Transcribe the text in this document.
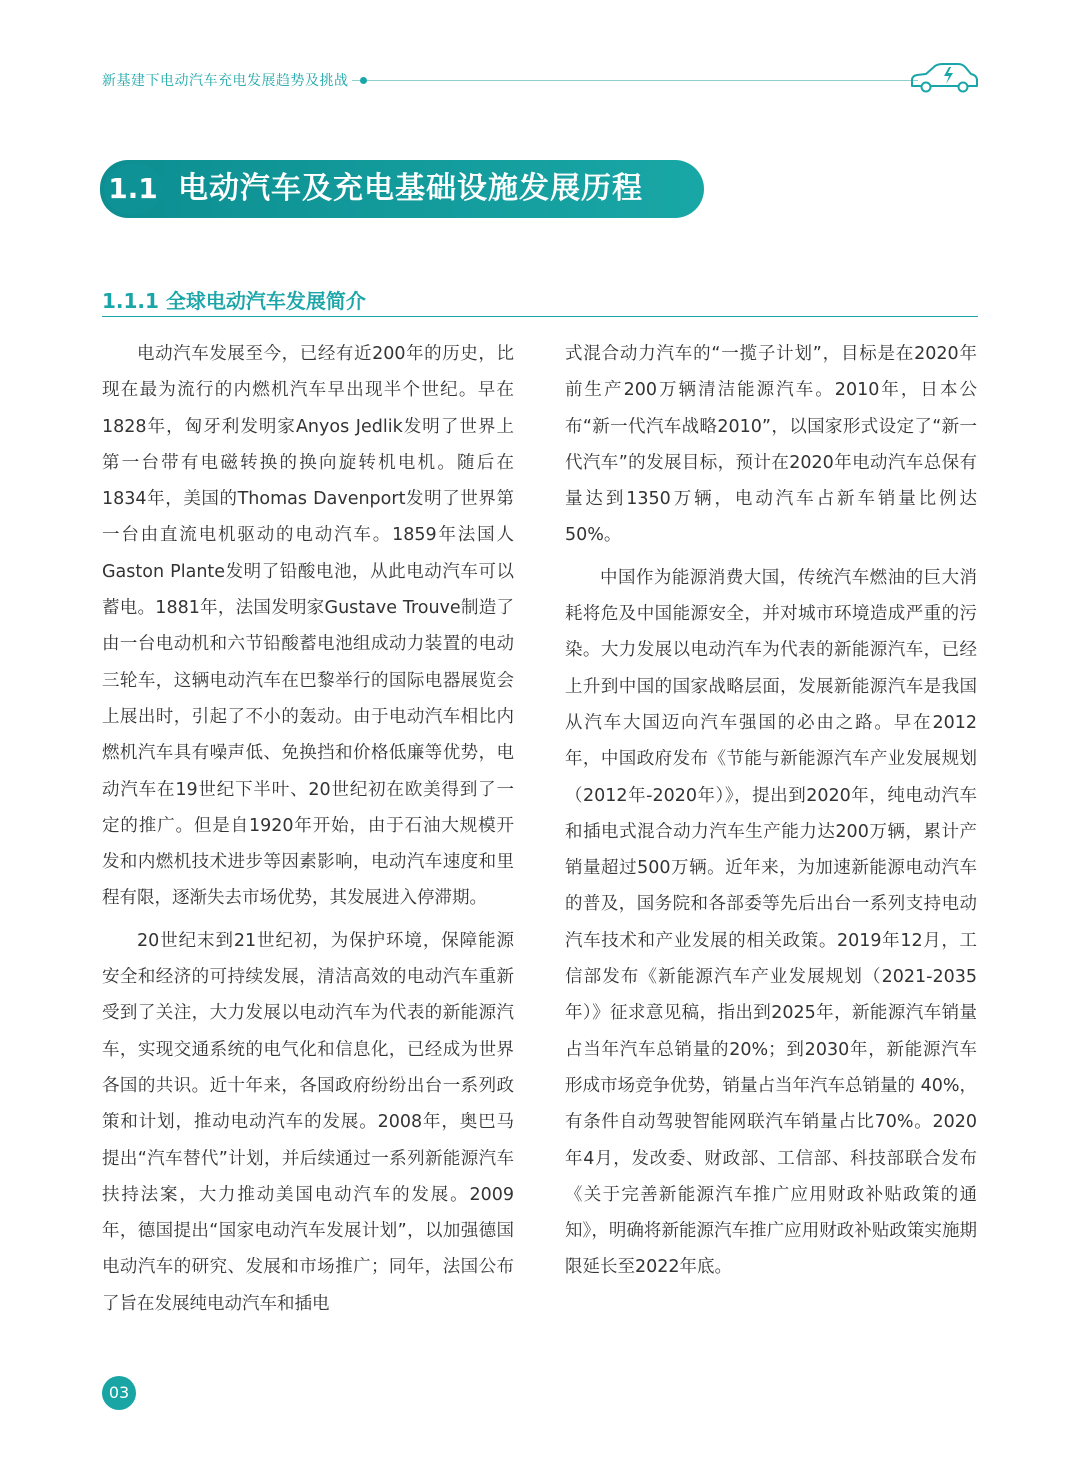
新基建下电动汽车充电发展趋势及挑战
1.1 电动汽车及充电基础设施发展历程
1.1.1 全球电动汽车发展简介

电动汽车发展至今，已经有近200年的历史，比现在最为流行的内燃机汽车早出现半个世纪。早在1828年，匈牙利发明家Anyos Jedlik发明了世界上第一台带有电磁转换的换向旋转机电机。随后在1834年，美国的Thomas Davenport发明了世界第一台由直流电机驱动的电动汽车。1859年法国人Gaston Plante发明了铅酸电池，从此电动汽车可以蓄电。1881年，法国发明家Gustave Trouve制造了由一台电动机和六节铅酸蓄电池组成动力装置的电动三轮车，这辆电动汽车在巴黎举行的国际电器展览会上展出时，引起了不小的轰动。由于电动汽车相比内燃机汽车具有噪声低、免换挡和价格低廉等优势，电动汽车在19世纪下半叶、20世纪初在欧美得到了一定的推广。但是自1920年开始，由于石油大规模开发和内燃机技术进步等因素影响，电动汽车速度和里程有限，逐渐失去市场优势，其发展进入停滞期。

20世纪末到21世纪初，为保护环境，保障能源安全和经济的可持续发展，清洁高效的电动汽车重新受到了关注，大力发展以电动汽车为代表的新能源汽车，实现交通系统的电气化和信息化，已经成为世界各国的共识。近十年来，各国政府纷纷出台一系列政策和计划，推动电动汽车的发展。2008年，奥巴马提出“汽车替代”计划，并后续通过一系列新能源汽车扶持法案，大力推动美国电动汽车的发展。2009年，德国提出“国家电动汽车发展计划”，以加强德国电动汽车的研究、发展和市场推广；同年，法国公布了旨在发展纯电动汽车和插电

式混合动力汽车的“一揽子计划”，目标是在2020年前生产200万辆清洁能源汽车。2010年，日本公布“新一代汽车战略2010”，以国家形式设定了“新一代汽车”的发展目标，预计在2020年电动汽车总保有量达到1350万辆，电动汽车占新车销量比例达50%。

中国作为能源消费大国，传统汽车燃油的巨大消耗将危及中国能源安全，并对城市环境造成严重的污染。大力发展以电动汽车为代表的新能源汽车，已经上升到中国的国家战略层面，发展新能源汽车是我国从汽车大国迈向汽车强国的必由之路。早在2012年，中国政府发布《节能与新能源汽车产业发展规划（2012年-2020年）》，提出到2020年，纯电动汽车和插电式混合动力汽车生产能力达200万辆，累计产销量超过500万辆。近年来，为加速新能源电动汽车的普及，国务院和各部委等先后出台一系列支持电动汽车技术和产业发展的相关政策。2019年12月，工信部发布《新能源汽车产业发展规划（2021-2035年）》征求意见稿，指出到2025年，新能源汽车销量占当年汽车总销量的20%；到2030年，新能源汽车形成市场竞争优势，销量占当年汽车总销量的 40%，有条件自动驾驶智能网联汽车销量占比70%。2020年4月，发改委、财政部、工信部、科技部联合发布《关于完善新能源汽车推广应用财政补贴政策的通知》，明确将新能源汽车推广应用财政补贴政策实施期限延长至2022年底。

03
